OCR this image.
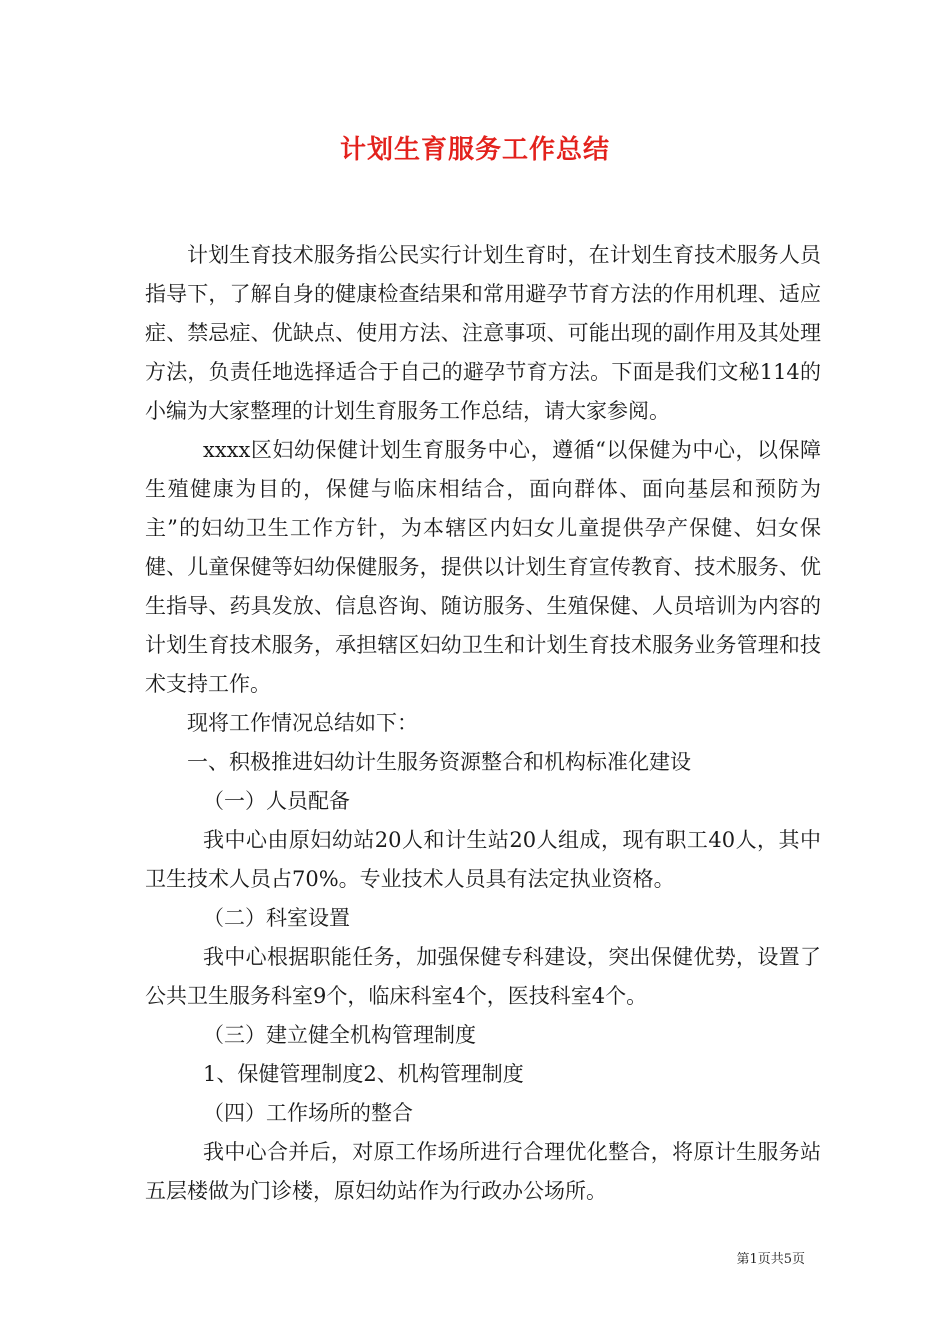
计划生育服务工作总结

计划生育技术服务指公民实行计划生育时，在计划生育技术服务人员指导下，了解自身的健康检查结果和常用避孕节育方法的作用机理、适应症、禁忌症、优缺点、使用方法、注意事项、可能出现的副作用及其处理方法，负责任地选择适合于自己的避孕节育方法。下面是我们文秘114的小编为大家整理的计划生育服务工作总结，请大家参阅。

xxxx区妇幼保健计划生育服务中心，遵循“以保健为中心，以保障生殖健康为目的，保健与临床相结合，面向群体、面向基层和预防为主”的妇幼卫生工作方针，为本辖区内妇女儿童提供孕产保健、妇女保健、儿童保健等妇幼保健服务，提供以计划生育宣传教育、技术服务、优生指导、药具发放、信息咨询、随访服务、生殖保健、人员培训为内容的计划生育技术服务，承担辖区妇幼卫生和计划生育技术服务业务管理和技术支持工作。

现将工作情况总结如下：

一、积极推进妇幼计生服务资源整合和机构标准化建设

（一）人员配备

我中心由原妇幼站20人和计生站20人组成，现有职工40人，其中卫生技术人员占70%。专业技术人员具有法定执业资格。

（二）科室设置

我中心根据职能任务，加强保健专科建设，突出保健优势，设置了公共卫生服务科室9个，临床科室4个，医技科室4个。

（三）建立健全机构管理制度

1、保健管理制度2、机构管理制度

（四）工作场所的整合

我中心合并后，对原工作场所进行合理优化整合，将原计生服务站五层楼做为门诊楼，原妇幼站作为行政办公场所。

第1页共5页
